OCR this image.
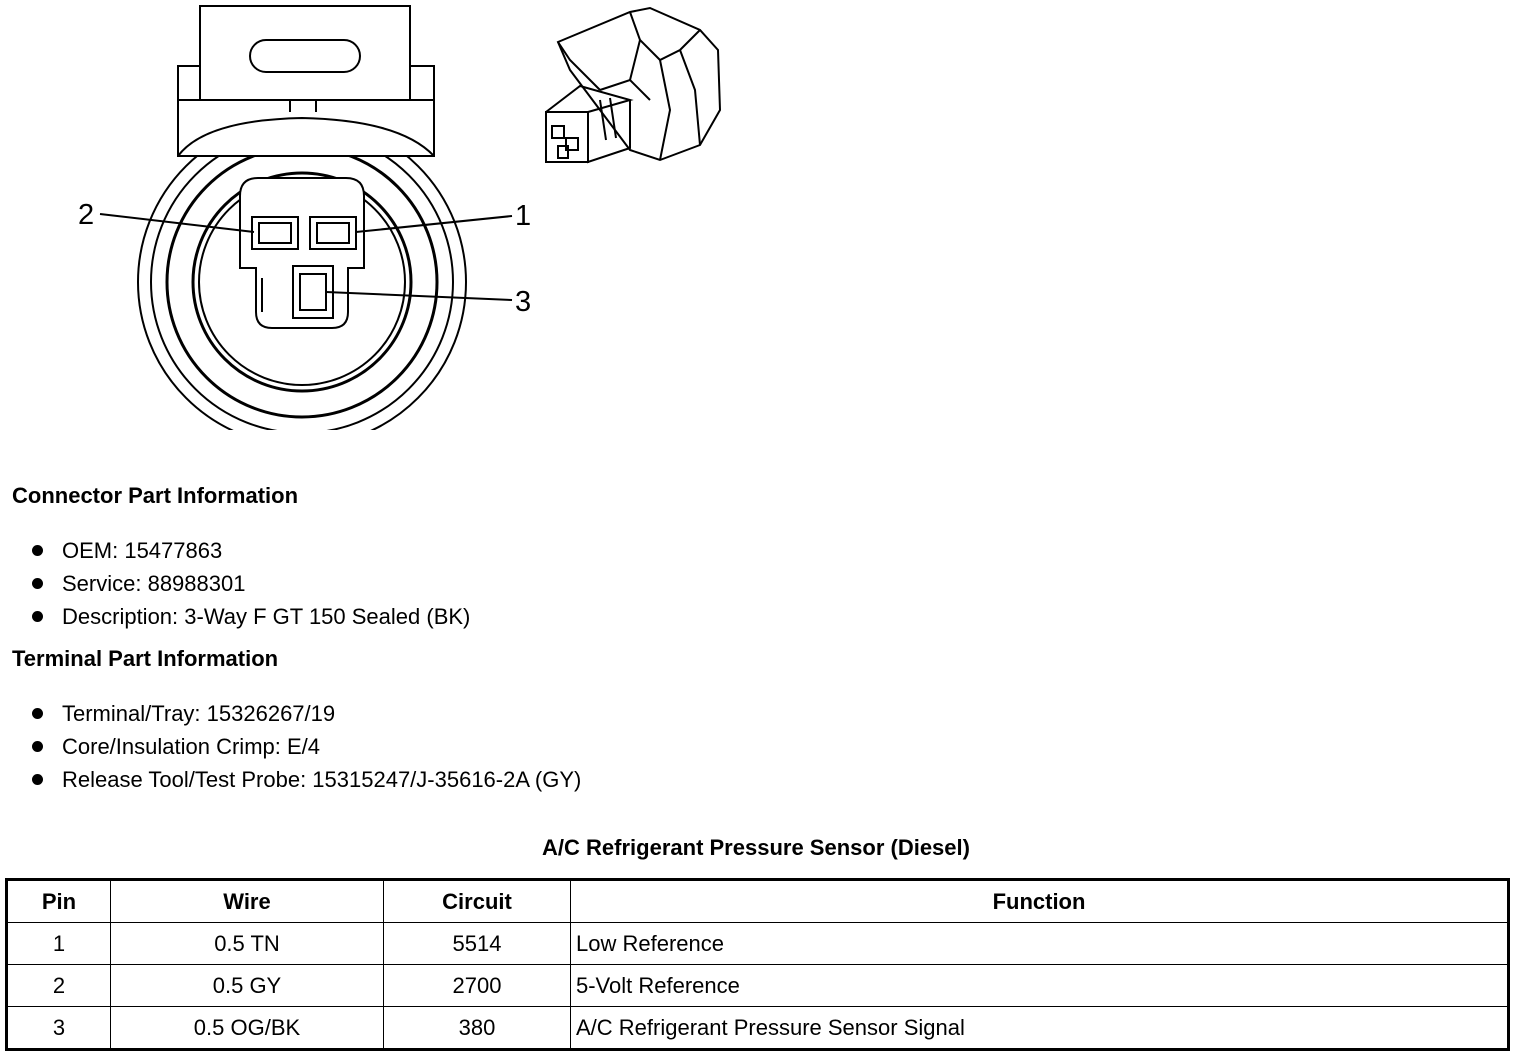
2	1
3
Connector Part Information
OEM: 15477863
Service: 88988301
Description: 3-Way F GT 150 Sealed (BK)
Terminal Part Information
Terminal/Tray: 15326267/19
Core/Insulation Crimp: E/4
Release Tool/Test Probe: 15315247/J-35616-2A (GY)
A/C Refrigerant Pressure Sensor (Diesel)
Pin	Wire	Circuit	Function
1	0.5 TN	5514	Low Reference
2	0.5 GY	2700	5-Volt Reference
3	0.5 OG/BK	380	A/C Refrigerant Pressure Sensor Signal
